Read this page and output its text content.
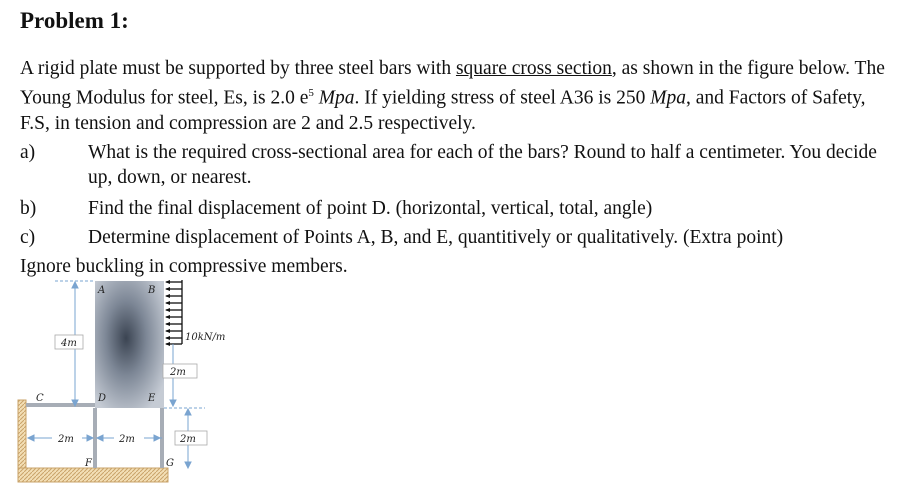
Problem 1:
A rigid plate must be supported by three steel bars with square cross section, as shown in the figure below. The Young Modulus for steel, Es, is 2.0 $e^5$ Mpa. If yielding stress of steel A36 is 250 Mpa, and Factors of Safety, F.S, in tension and compression are 2 and 2.5 respectively.
a)	What is the required cross-sectional area for each of the bars? Round to half a centimeter. You decide up, down, or nearest.
b)	Find the final displacement of point D. (horizontal, vertical, total, angle)
c)	Determine displacement of Points A, B, and E, quantitively or qualitatively. (Extra point)
Ignore buckling in compressive members.
4m
2m
2m	2m	2m
10kN/m
A	B
C	D	E
F	G
